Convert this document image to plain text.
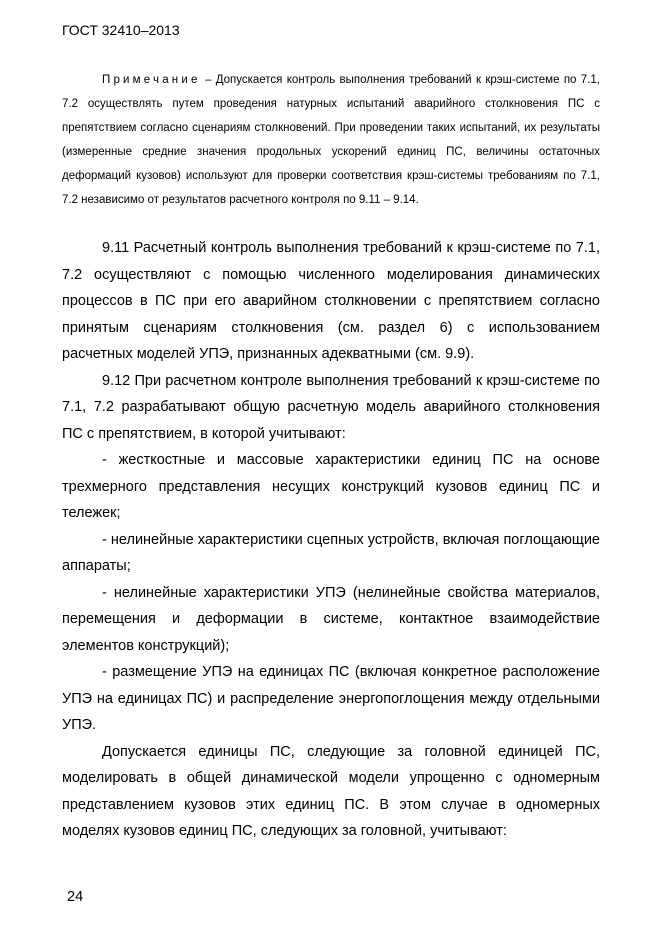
ГОСТ 32410–2013
Примечание – Допускается контроль выполнения требований к крэш-системе по 7.1, 7.2 осуществлять путем проведения натурных испытаний аварийного столкновения ПС с препятствием согласно сценариям столкновений. При проведении таких испытаний, их результаты (измеренные средние значения продольных ускорений единиц ПС, величины остаточных деформаций кузовов) используют для проверки соответствия крэш-системы требованиям по 7.1, 7.2 независимо от результатов расчетного контроля по 9.11 – 9.14.

9.11 Расчетный контроль выполнения требований к крэш-системе по 7.1, 7.2 осуществляют с помощью численного моделирования динамических процессов в ПС при его аварийном столкновении с препятствием согласно принятым сценариям столкновения (см. раздел 6) с использованием расчетных моделей УПЭ, признанных адекватными (см. 9.9).

9.12 При расчетном контроле выполнения требований к крэш-системе по 7.1, 7.2 разрабатывают общую расчетную модель аварийного столкновения ПС с препятствием, в которой учитывают:

- жесткостные и массовые характеристики единиц ПС на основе трехмерного представления несущих конструкций кузовов единиц ПС и тележек;

- нелинейные характеристики сцепных устройств, включая поглощающие аппараты;

- нелинейные характеристики УПЭ (нелинейные свойства материалов, перемещения и деформации в системе, контактное взаимодействие элементов конструкций);

- размещение УПЭ на единицах ПС (включая конкретное расположение УПЭ на единицах ПС) и распределение энергопоглощения между отдельными УПЭ.

Допускается единицы ПС, следующие за головной единицей ПС, моделировать в общей динамической модели упрощенно с одномерным представлением кузовов этих единиц ПС. В этом случае в одномерных моделях кузовов единиц ПС, следующих за головной, учитывают:

24
